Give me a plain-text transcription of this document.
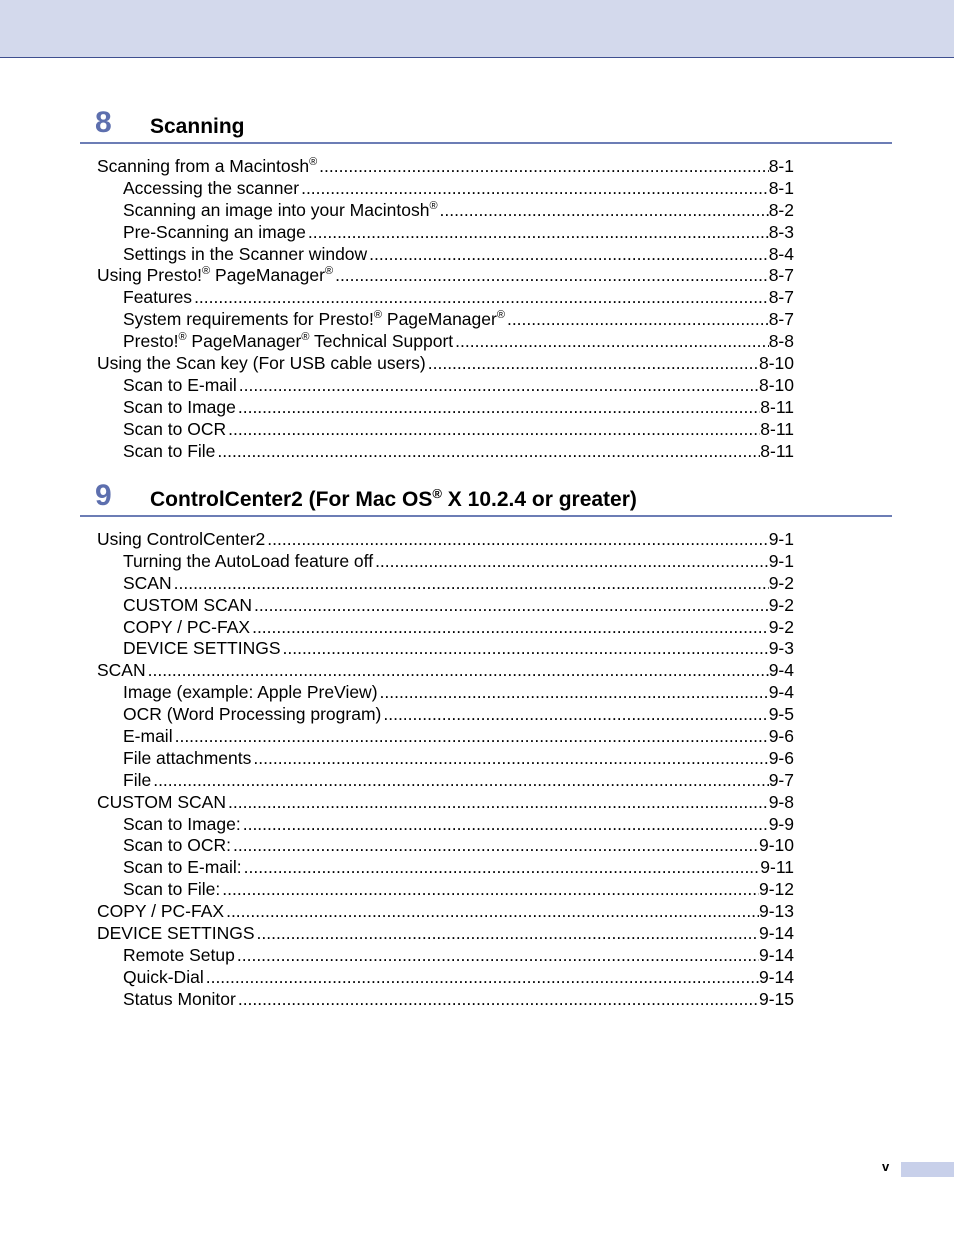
8 Scanning
Scanning from a Macintosh® .....	8-1
Accessing the scanner .....	8-1
Scanning an image into your Macintosh® .....	8-2
Pre-Scanning an image .....	8-3
Settings in the Scanner window .....	8-4
Using Presto!® PageManager® .....	8-7
Features .....	8-7
System requirements for Presto!® PageManager® .....	8-7
Presto!® PageManager® Technical Support .....	8-8
Using the Scan key (For USB cable users) .....	8-10
Scan to E-mail .....	8-10
Scan to Image .....	8-11
Scan to OCR .....	8-11
Scan to File .....	8-11
9 ControlCenter2 (For Mac OS® X 10.2.4 or greater)
Using ControlCenter2 .....	9-1
Turning the AutoLoad feature off .....	9-1
SCAN .....	9-2
CUSTOM SCAN .....	9-2
COPY / PC-FAX .....	9-2
DEVICE SETTINGS .....	9-3
SCAN .....	9-4
Image (example: Apple PreView) .....	9-4
OCR (Word Processing program) .....	9-5
E-mail .....	9-6
File attachments .....	9-6
File .....	9-7
CUSTOM SCAN .....	9-8
Scan to Image: .....	9-9
Scan to OCR: .....	9-10
Scan to E-mail: .....	9-11
Scan to File: .....	9-12
COPY / PC-FAX .....	9-13
DEVICE SETTINGS .....	9-14
Remote Setup .....	9-14
Quick-Dial .....	9-14
Status Monitor .....	9-15
v
